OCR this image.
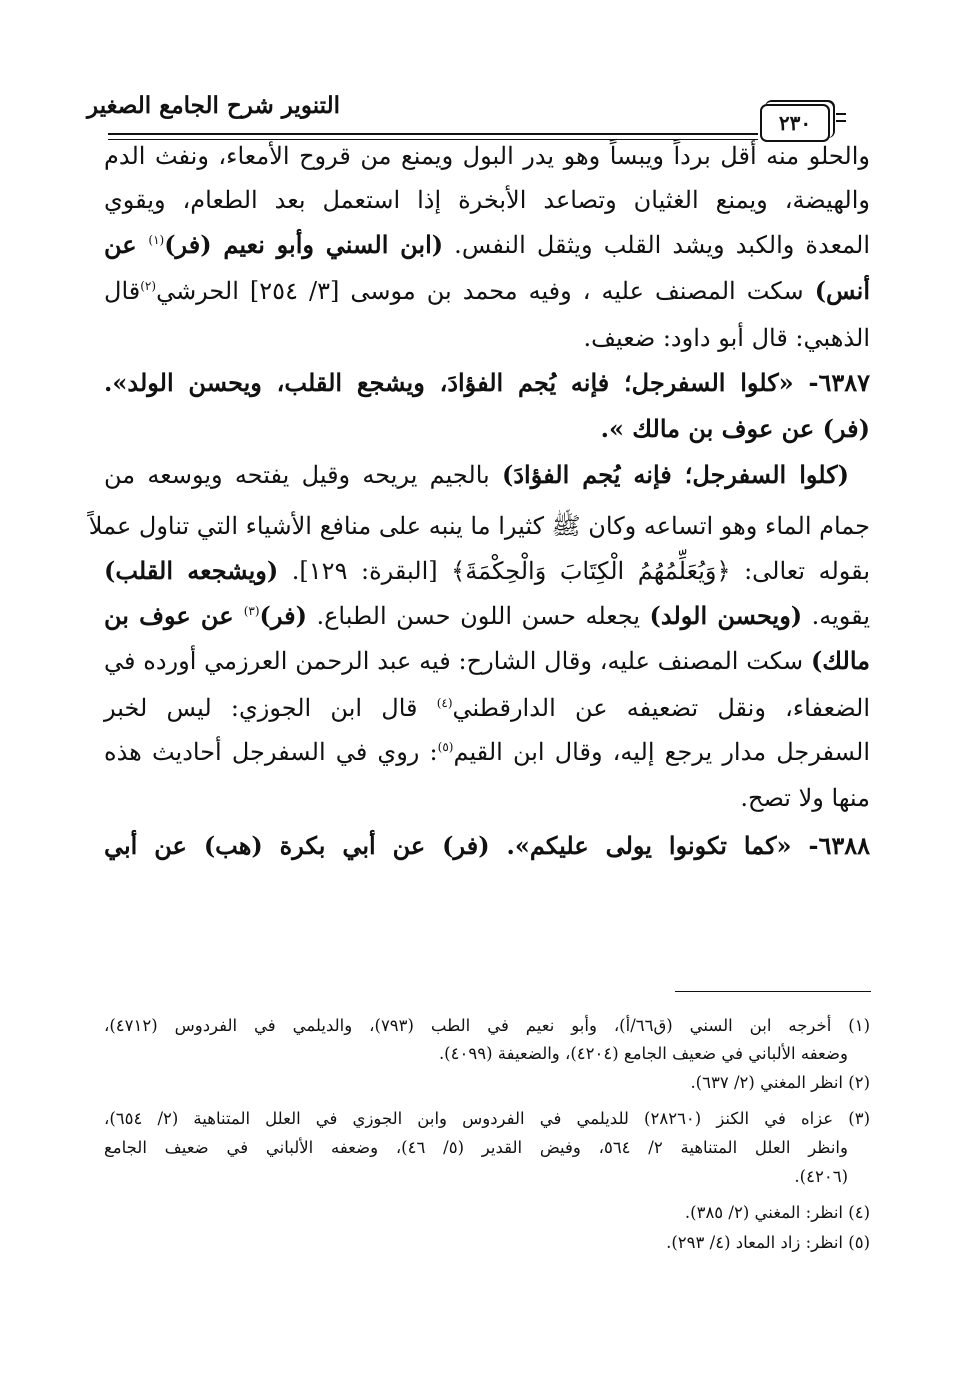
التنوير شرح الجامع الصغير
٢٣٠
والحلو منه أقل برداً ويبساً وهو يدر البول ويمنع من قروح الأمعاء، ونفث الدم
والهيضة، ويمنع الغثيان وتصاعد الأبخرة إذا استعمل بعد الطعام، ويقوي
المعدة والكبد ويشد القلب ويثقل النفس. (ابن السني وأبو نعيم (فر)$^{(١)}$ عن
أنس) سكت المصنف عليه ، وفيه محمد بن موسى [٣/ ٢٥٤] الحرشي$^{(٢)}$قال
الذهبي: قال أبو داود: ضعيف.
٦٣٨٧- «كلوا السفرجل؛ فإنه يُجم الفؤادَ، ويشجع القلب، ويحسن الولد».
(فر) عن عوف بن مالك ».
(كلوا السفرجل؛ فإنه يُجم الفؤادَ) بالجيم يريحه وقيل يفتحه ويوسعه من
جمام الماء وهو اتساعه وكان ﷺ كثيرا ما ينبه على منافع الأشياء التي تناول عملاً
بقوله تعالى: ﴿وَيُعَلِّمُهُمُ الْكِتَابَ وَالْحِكْمَةَ﴾ [البقرة: ١٢٩]. (ويشجعه القلب)
يقويه. (ويحسن الولد) يجعله حسن اللون حسن الطباع. (فر)$^{(٣)}$ عن عوف بن
مالك) سكت المصنف عليه، وقال الشارح: فيه عبد الرحمن العرزمي أورده في
الضعفاء، ونقل تضعيفه عن الدارقطني$^{(٤)}$ قال ابن الجوزي: ليس لخبر
السفرجل مدار يرجع إليه، وقال ابن القيم$^{(٥)}$: روي في السفرجل أحاديث هذه
منها ولا تصح.
٦٣٨٨- «كما تكونوا يولى عليكم». (فر) عن أبي بكرة (هب) عن أبي
(١) أخرجه ابن السني (ق٦٦/أ)، وأبو نعيم في الطب (٧٩٣)، والديلمي في الفردوس (٤٧١٢)،
وضعفه الألباني في ضعيف الجامع (٤٢٠٤)، والضعيفة (٤٠٩٩).
(٢) انظر المغني (٢/ ٦٣٧).
(٣) عزاه في الكنز (٢٨٢٦٠) للديلمي في الفردوس وابن الجوزي في العلل المتناهية (٢/ ٦٥٤)،
وانظر العلل المتناهية ٢/ ٥٦٤، وفيض القدير (٥/ ٤٦)، وضعفه الألباني في ضعيف الجامع
(٤٢٠٦).
(٤) انظر: المغني (٢/ ٣٨٥).
(٥) انظر: زاد المعاد (٤/ ٢٩٣).
